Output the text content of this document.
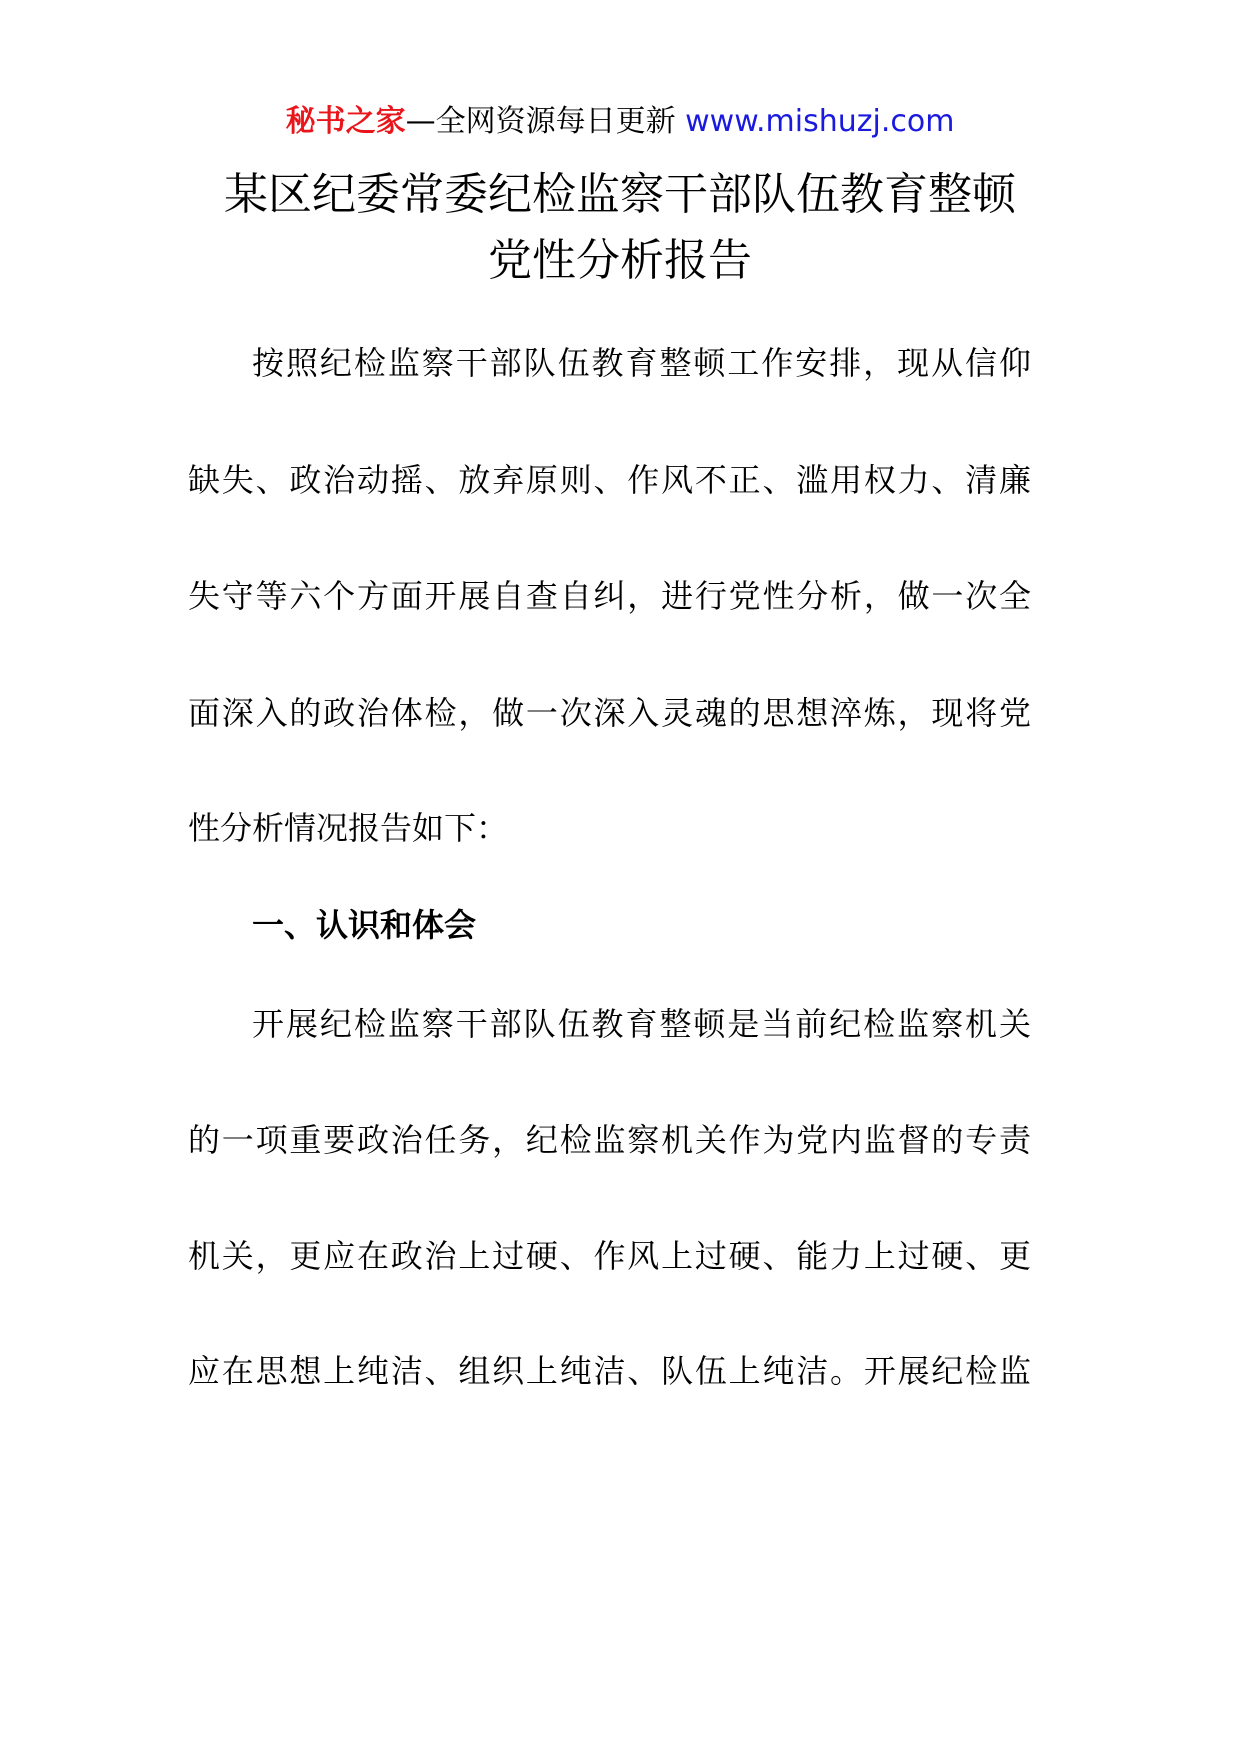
秘书之家—全网资源每日更新 www.mishuzj.com
某区纪委常委纪检监察干部队伍教育整顿
党性分析报告
按照纪检监察干部队伍教育整顿工作安排，现从信仰
缺失、政治动摇、放弃原则、作风不正、滥用权力、清廉
失守等六个方面开展自查自纠，进行党性分析，做一次全
面深入的政治体检，做一次深入灵魂的思想淬炼，现将党
性分析情况报告如下：
一、认识和体会
开展纪检监察干部队伍教育整顿是当前纪检监察机关
的一项重要政治任务，纪检监察机关作为党内监督的专责
机关，更应在政治上过硬、作风上过硬、能力上过硬、更
应在思想上纯洁、组织上纯洁、队伍上纯洁。开展纪检监
